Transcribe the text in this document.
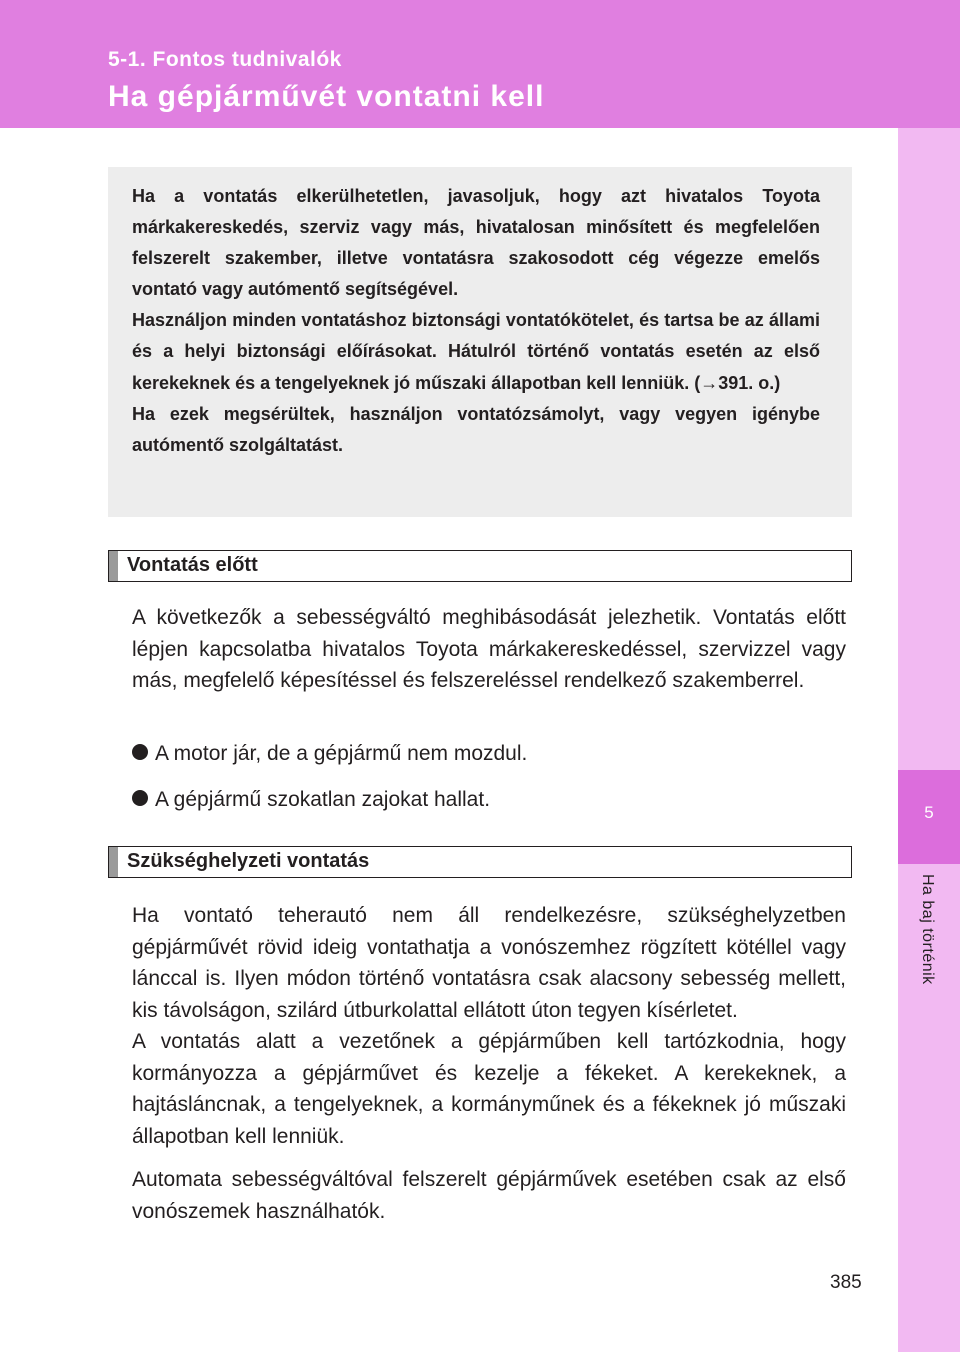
5-1. Fontos tudnivalók
Ha gépjárművét vontatni kell
5
Ha baj történik

Ha a vontatás elkerülhetetlen, javasoljuk, hogy azt hivatalos Toyota márkakereskedés, szerviz vagy más, hivatalosan minősített és megfelelően felszerelt szakember, illetve vontatásra szakosodott cég végezze emelős vontató vagy autómentő segítségével.

Használjon minden vontatáshoz biztonsági vontatókötelet, és tartsa be az állami és a helyi biztonsági előírásokat. Hátulról történő vontatás esetén az első kerekeknek és a tengelyeknek jó műszaki állapotban kell lenniük. (→391. o.)

Ha ezek megsérültek, használjon vontatózsámolyt, vagy vegyen igénybe autómentő szolgáltatást.

Vontatás előtt

A következők a sebességváltó meghibásodását jelezhetik. Vontatás előtt lépjen kapcsolatba hivatalos Toyota márkakereskedéssel, szervizzel vagy más, megfelelő képesítéssel és felszereléssel rendelkező szakemberrel.

A motor jár, de a gépjármű nem mozdul.
A gépjármű szokatlan zajokat hallat.
Szükséghelyzeti vontatás

Ha vontató teherautó nem áll rendelkezésre, szükséghelyzetben gépjárművét rövid ideig vontathatja a vonószemhez rögzített kötéllel vagy lánccal is. Ilyen módon történő vontatásra csak alacsony sebesség mellett, kis távolságon, szilárd útburkolattal ellátott úton tegyen kísérletet.

A vontatás alatt a vezetőnek a gépjárműben kell tartózkodnia, hogy kormányozza a gépjárművet és kezelje a fékeket. A kerekeknek, a hajtásláncnak, a tengelyeknek, a kormányműnek és a fékeknek jó műszaki állapotban kell lenniük.

Automata sebességváltóval felszerelt gépjárművek esetében csak az első vonószemek használhatók.

385
